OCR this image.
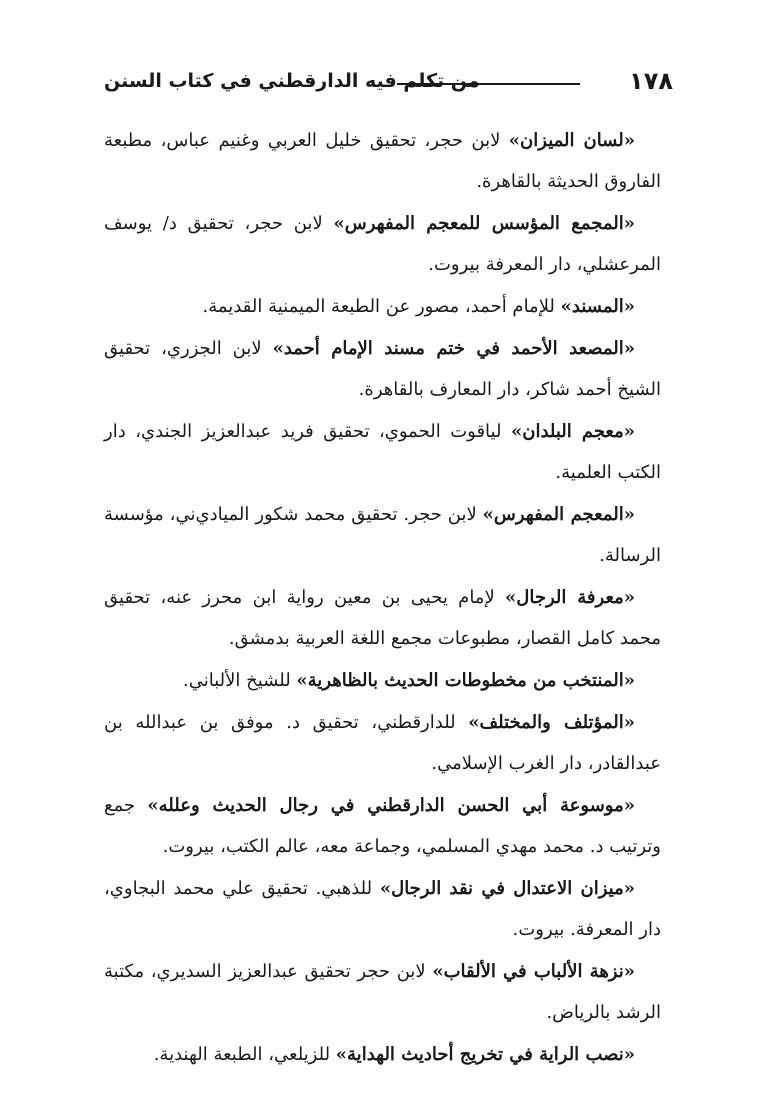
١٧٨
من تكلم فيه الدارقطني في كتاب السنن

«لسان الميزان» لابن حجر، تحقيق خليل العربي وغنيم عباس، مطبعة الفاروق الحديثة بالقاهرة.

«المجمع المؤسس للمعجم المفهرس» لابن حجر، تحقيق د/ يوسف المرعشلي، دار المعرفة بيروت.

«المسند» للإمام أحمد، مصور عن الطبعة الميمنية القديمة.

«المصعد الأحمد في ختم مسند الإمام أحمد» لابن الجزري، تحقيق الشيخ أحمد شاكر، دار المعارف بالقاهرة.

«معجم البلدان» لياقوت الحموي، تحقيق فريد عبدالعزيز الجندي، دار الكتب العلمية.

«المعجم المفهرس» لابن حجر. تحقيق محمد شكور الميادي‌ني، مؤسسة الرسالة.

«معرفة الرجال» لإمام يحيى بن معين رواية ابن محرز عنه، تحقيق محمد كامل القصار، مطبوعات مجمع اللغة العربية بدمشق.

«المنتخب من مخطوطات الحديث بالظاهرية» للشيخ الألباني.

«المؤتلف والمختلف» للدارقطني، تحقيق د. موفق بن عبدالله بن عبدالقادر، دار الغرب الإسلامي.

«موسوعة أبي الحسن الدارقطني في رجال الحديث وعلله» جمع وترتيب د. محمد مهدي المسلمي، وجماعة معه، عالم الكتب، بيروت.

«ميزان الاعتدال في نقد الرجال» للذهبي. تحقيق علي محمد البجاوي، دار المعرفة. بيروت.

«نزهة الألباب في الألقاب» لابن حجر تحقيق عبدالعزيز السديري، مكتبة الرشد بالرياض.

«نصب الراية في تخريج أحاديث الهداية» للزيلعي، الطبعة الهندية.
